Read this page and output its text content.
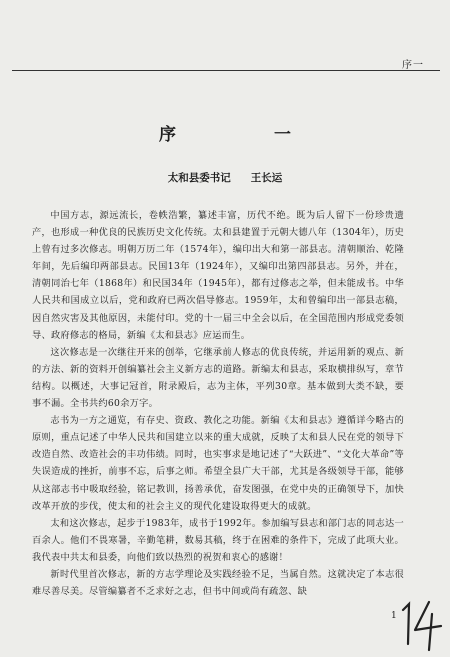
序一
序 一
太和县委书记 王长运

中国方志，源远流长，卷帙浩繁，纂述丰富，历代不绝。既为后人留下一份珍贵遗产，也形成一种优良的民族历史文化传统。太和县建置于元朝大德八年（1304年），历史上曾有过多次修志。明朝万历二年（1574年），编印出大和第一部县志。清朝顺治、乾隆年间，先后编印两部县志。民国13年（1924年），又编印出第四部县志。另外，并在，清朝同治七年（1868年）和民国34年（1945年），都有过修志之举，但未能成书。中华人民共和国成立以后，党和政府已两次倡导修志。1959年，太和曾编印出一部县志稿，因自然灾害及其他原因，未能付印。党的十一届三中全会以后，在全国范围内形成党委领导、政府修志的格局，新编《太和县志》应运而生。

这次修志是一次继往开来的创举，它继承前人修志的优良传统，并运用新的观点、新的方法、新的资料开创编纂社会主义新方志的道路。新编太和县志，采取横排纵写，章节结构。以概述，大事记冠首，附录殿后，志为主体，平列30章。基本做到大类不缺，要事不漏。全书共约60余万字。

志书为一方之通览，有存史、资政、教化之功能。新编《太和县志》遵循详今略古的原则，重点记述了中华人民共和国建立以来的重大成就，反映了太和县人民在党的领导下改造自然、改造社会的丰功伟绩。同时，也实事求是地记述了“大跃进”、“文化大革命”等失误造成的挫折，前事不忘，后事之师。希望全县广大干部，尤其是各级领导干部，能够从这部志书中吸取经验，铭记教训，扬善承优，奋发图强，在党中央的正确领导下，加快改革开放的步伐，使太和的社会主义的现代化建设取得更大的成就。

太和这次修志，起步于1983年，成书于1992年。参加编写县志和部门志的同志达一百余人。他们不畏寒暑，辛勤笔耕，数易其稿，终于在困难的条件下，完成了此项大业。我代表中共太和县委，向他们致以热烈的祝贺和衷心的感谢！

新时代里首次修志，新的方志学理论及实践经验不足，当属自然。这就决定了本志很难尽善尽美。尽管编纂者不乏求好之志，但书中间或尚有疏忽、缺

1
